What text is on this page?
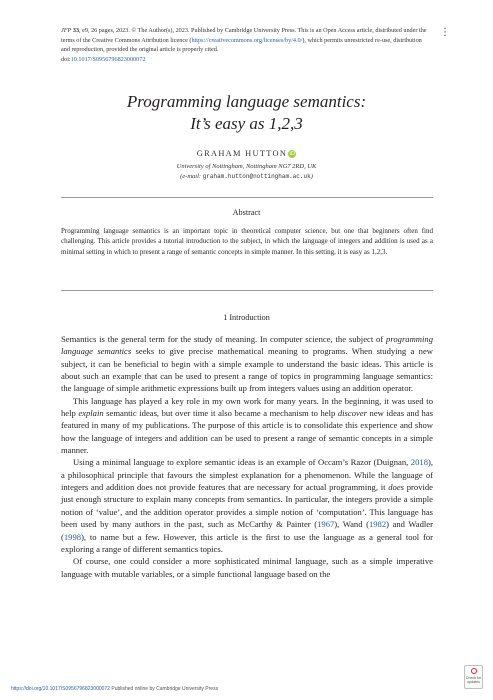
JFP 33, e9, 26 pages, 2023. © The Author(s), 2023. Published by Cambridge University Press. This is an Open Access article, distributed under the terms of the Creative Commons Attribution licence (https://creativecommons.org/licenses/by/4.0/), which permits unrestricted re-use, distribution and reproduction, provided the original article is properly cited.
doi:10.1017/S0956796823000072
⋮
Programming language semantics:
It’s easy as 1,2,3
GRAHAM HUTTON iD
University of Nottingham, Nottingham NG7 2RD, UK
(e-mail: graham.hutton@nottingham.ac.uk)
Abstract
Programming language semantics is an important topic in theoretical computer science, but one that beginners often find challenging. This article provides a tutorial introduction to the subject, in which the language of integers and addition is used as a minimal setting in which to present a range of semantic concepts in simple manner. In this setting, it is easy as 1,2,3.
1 Introduction

Semantics is the general term for the study of meaning. In computer science, the subject of programming language semantics seeks to give precise mathematical meaning to programs. When studying a new subject, it can be beneficial to begin with a simple example to understand the basic ideas. This article is about such an example that can be used to present a range of topics in programming language semantics: the language of simple arithmetic expressions built up from integers values using an addition operator.

This language has played a key role in my own work for many years. In the beginning, it was used to help explain semantic ideas, but over time it also became a mechanism to help discover new ideas and has featured in many of my publications. The purpose of this article is to consolidate this experience and show how the language of integers and addition can be used to present a range of semantic concepts in a simple manner.

Using a minimal language to explore semantic ideas is an example of Occam’s Razor (Duignan, 2018), a philosophical principle that favours the simplest explanation for a phenomenon. While the language of integers and addition does not provide features that are necessary for actual programming, it does provide just enough structure to explain many concepts from semantics. In particular, the integers provide a simple notion of ‘value’, and the addition operator provides a simple notion of ‘computation’. This language has been used by many authors in the past, such as McCarthy & Painter (1967), Wand (1982) and Wadler (1998), to name but a few. However, this article is the first to use the language as a general tool for exploring a range of different semantics topics.

Of course, one could consider a more sophisticated minimal language, such as a simple imperative language with mutable variables, or a simple functional language based on the

https://doi.org/10.1017/S0956796823000072 Published online by Cambridge University Press
Check for
updates
